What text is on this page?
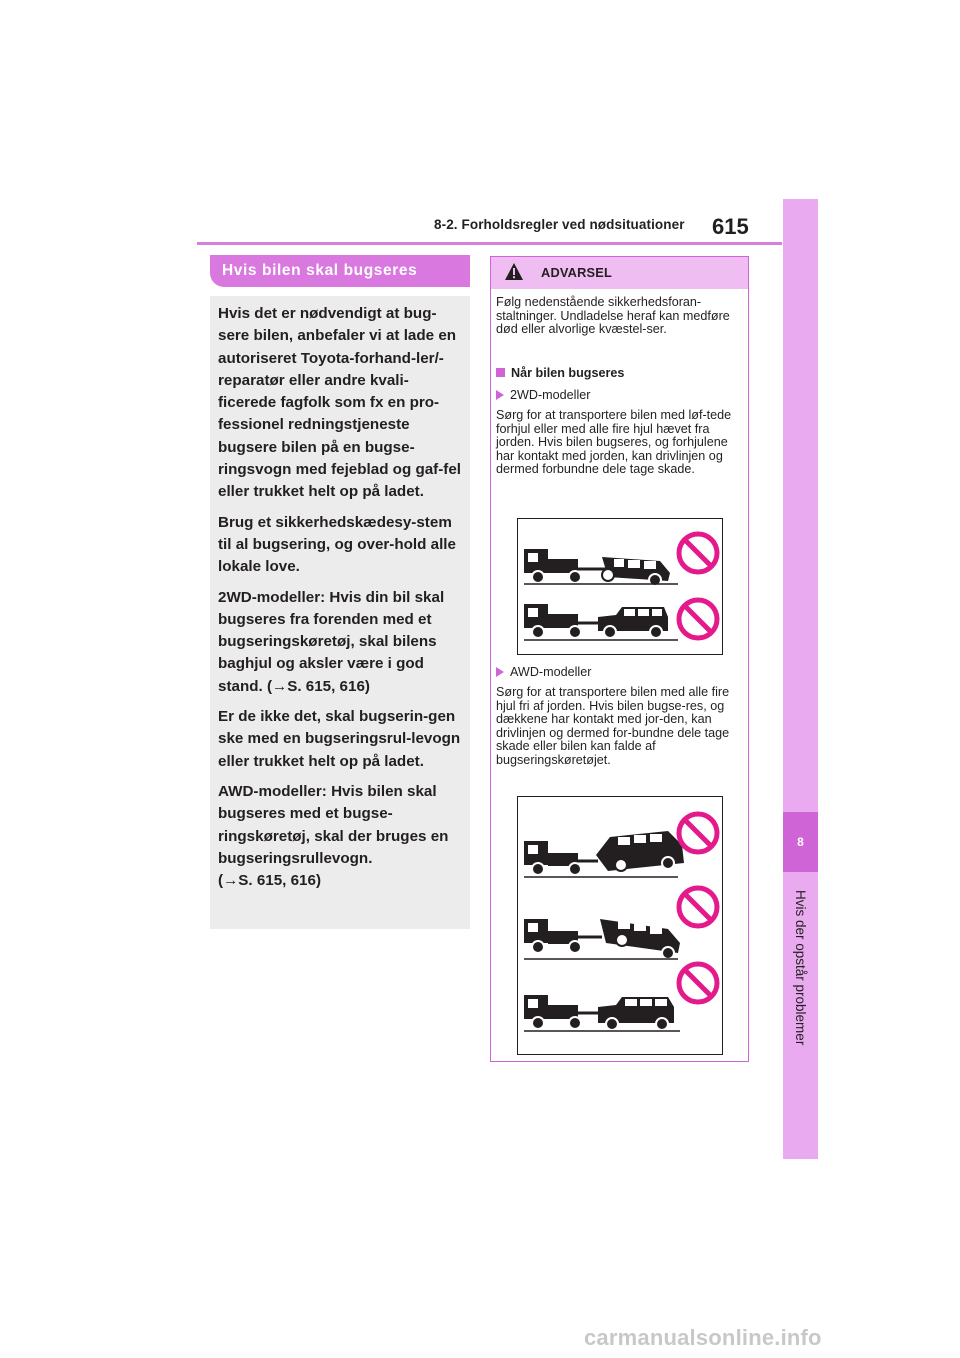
8-2. Forholdsregler ved nødsituationer 615
8
Hvis der opstår problemer
Hvis bilen skal bugseres

Hvis det er nødvendigt at bug-sere bilen, anbefaler vi at lade en autoriseret Toyota-forhand-ler/-reparatør eller andre kvali-ficerede fagfolk som fx en pro-fessionel redningstjeneste bugsere bilen på en bugse-ringsvogn med fejeblad og gaf-fel eller trukket helt op på ladet.

Brug et sikkerhedskædesy-stem til al bugsering, og over-hold alle lokale love.

2WD-modeller: Hvis din bil skal bugseres fra forenden med et bugseringskøretøj, skal bilens baghjul og aksler være i god stand. (→S. 615, 616)

Er de ikke det, skal bugserin-gen ske med en bugseringsrul-levogn eller trukket helt op på ladet.

AWD-modeller: Hvis bilen skal bugseres med et bugse-ringskøretøj, skal der bruges en bugseringsrullevogn.
(→S. 615, 616)

ADVARSEL
Følg nedenstående sikkerhedsforan-staltninger. Undladelse heraf kan medføre død eller alvorlige kvæstel-ser.
Når bilen bugseres
2WD-modeller
Sørg for at transportere bilen med løf-tede forhjul eller med alle fire hjul hævet fra jorden. Hvis bilen bugseres, og forhjulene har kontakt med jorden, kan drivlinjen og dermed forbundne dele tage skade.
AWD-modeller
Sørg for at transportere bilen med alle fire hjul fri af jorden. Hvis bilen bugse-res, og dækkene har kontakt med jor-den, kan drivlinjen og dermed for-bundne dele tage skade eller bilen kan falde af bugseringskøretøjet.
carmanualsonline.info
